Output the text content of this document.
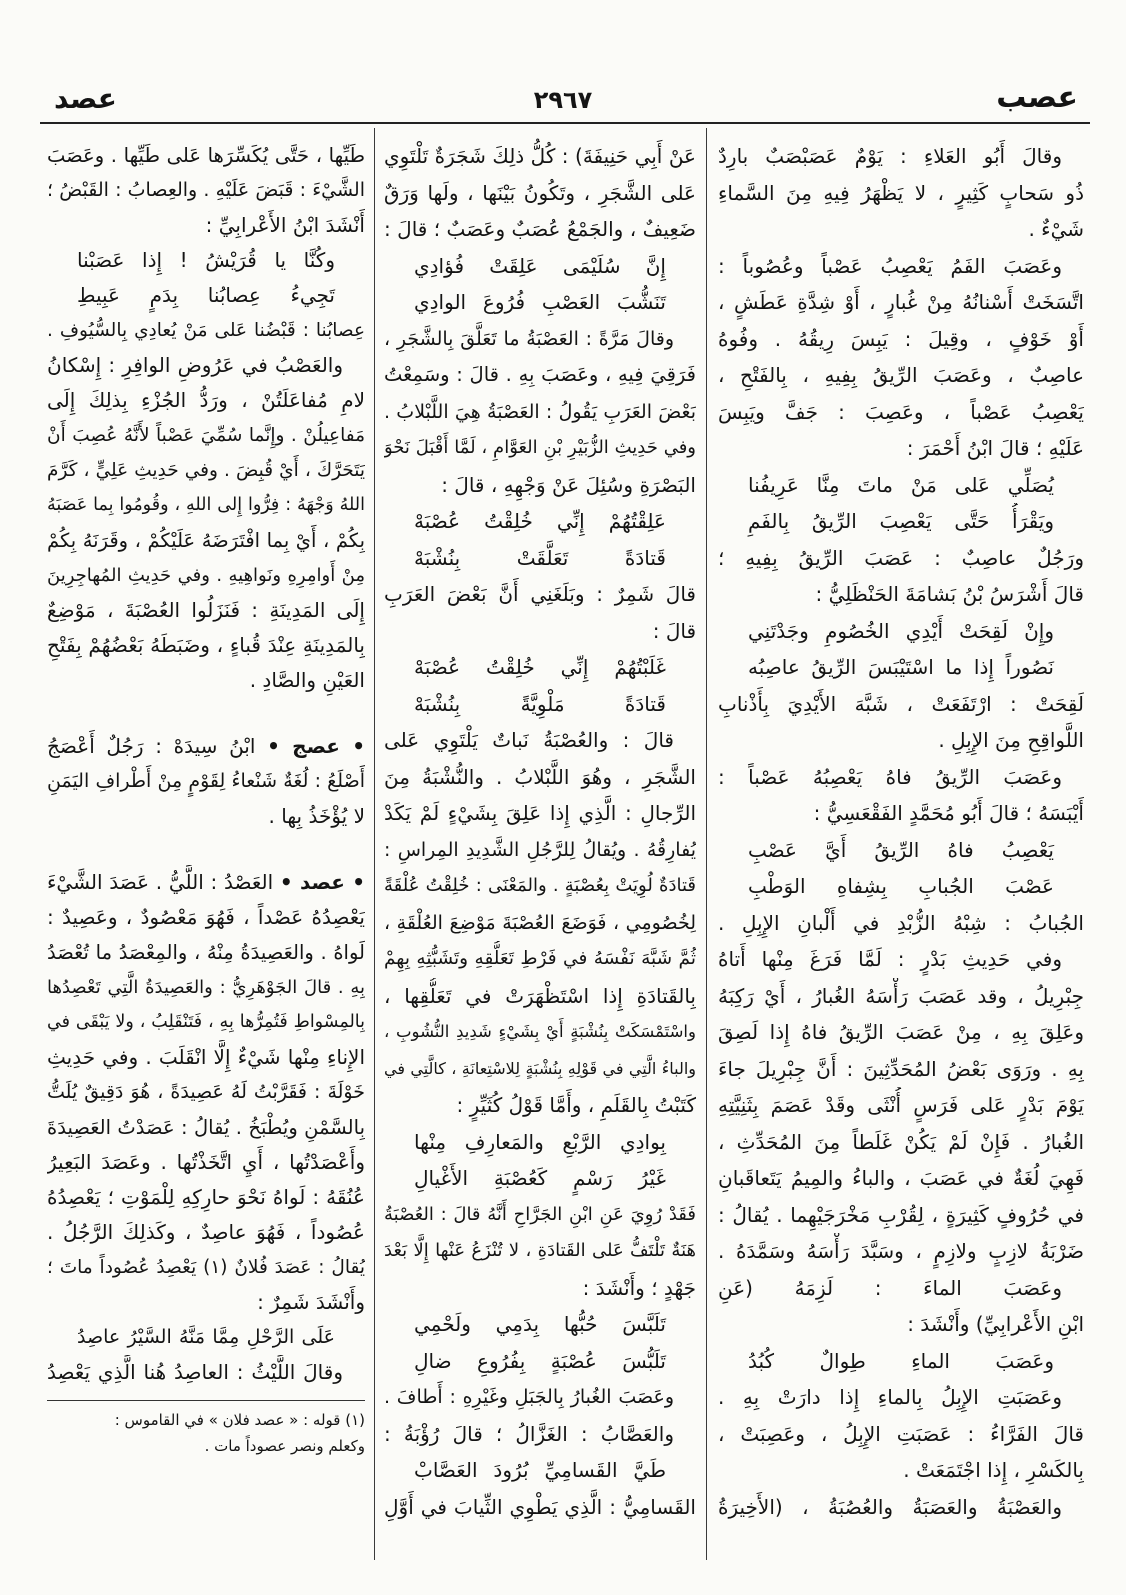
عصب
٢٩٦٧
عصد
وقالَ أَبُو العَلاءِ : يَوْمٌ عَصَبْصَبٌ بارِدٌ
ذُو سَحابٍ كَثِيرٍ ، لا يَظْهَرُ فِيهِ مِنَ السَّماءِ
شَيْءٌ .
وعَصَبَ الفَمُ يَعْصِبُ عَصْباً وعُصُوباً :
اتَّسَخَتْ أَسْنانُهُ مِنْ غُبارٍ ، أَوْ شِدَّةِ عَطَشٍ ،
أَوْ خَوْفٍ ، وقِيلَ : يَبِسَ رِيقُهُ . وفُوهُ
عاصِبٌ ، وعَصَبَ الرِّيقُ بِفِيهِ ، بِالفَتْحِ ،
يَعْصِبُ عَصْباً ، وعَصِبَ : جَفَّ ويَبِسَ
عَلَيْهِ ؛ قالَ ابْنُ أَحْمَرَ :
يُصَلِّي عَلى مَنْ ماتَ مِنَّا عَرِيفُنا
ويَقْرَأُ حَتَّى يَعْصِبَ الرِّيقُ بِالفَمِ
ورَجُلٌ عاصِبٌ : عَصَبَ الرِّيقُ بِفِيهِ ؛
قالَ أَشْرَسُ بْنُ بَشامَةَ الحَنْظَلِيُّ :
وإِنْ لَقِحَتْ أَيْدِي الخُصُومِ وجَدْتَنِي
نَصُوراً إِذا ما اسْتَيْبَسَ الرِّيقُ عاصِبُه
لَقِحَتْ : ارْتَفَعَتْ ، شَبَّهَ الأَيْدِيَ بِأَذْنابِ
اللَّواقِحِ مِنَ الإِبِلِ .
وعَصَبَ الرِّيقُ فاهُ يَعْصِبُهُ عَصْباً :
أَيْبَسَهُ ؛ قالَ أَبُو مُحَمَّدٍ الفَقْعَسِيُّ :
يَعْصِبُ فاهُ الرِّيقُ أَيَّ عَصْبِ
عَصْبَ الجُبابِ بِشِفاهِ الوَطْبِ
الجُبابُ : شِبْهُ الزُّبْدِ في أَلْبانِ الإِبِلِ .
وفي حَدِيثِ بَدْرٍ : لَمَّا فَرَغَ مِنْها أَتاهُ
جِبْرِيلُ ، وقد عَصَبَ رَأْسَهُ الغُبارُ ، أَيْ رَكِبَهُ
وعَلِقَ بِهِ ، مِنْ عَصَبَ الرِّيقُ فاهُ إِذا لَصِقَ
بِهِ . ورَوَى بَعْضُ المُحَدِّثِينَ : أَنَّ جِبْرِيلَ جاءَ
يَوْمَ بَدْرٍ عَلى فَرَسٍ أُنْثَى وقَدْ عَصَمَ بِثَنِيَّتِهِ
الغُبارُ . فَإِنْ لَمْ يَكُنْ غَلَطاً مِنَ المُحَدِّثِ ،
فَهِيَ لُغَةٌ في عَصَبَ ، والباءُ والمِيمُ يَتَعاقَبانِ
في حُرُوفٍ كَثِيرَةٍ ، لِقُرْبِ مَخْرَجَيْهِما . يُقالُ :
ضَرْبَةُ لازِبٍ ولازِمٍ ، وسَبَّدَ رَأْسَهُ وسَمَّدَهُ .
وعَصَبَ الماءَ : لَزِمَهُ (عَنِ
ابْنِ الأَعْرابِيِّ) وأَنْشَدَ :
وعَصَبَ الماءِ طِوالٌ كُبُدُ
وعَصَبَتِ الإِبِلُ بِالماءِ إِذا دارَتْ بِهِ .
قالَ الفَرَّاءُ : عَصَبَتِ الإِبِلُ ، وعَصِبَتْ ،
بِالكَسْرِ ، إِذا اجْتَمَعَتْ .
والعَصْبَةُ والعَصَبَةُ والعُصُبَةُ ، (الأَخِيرَةُ
عَنْ أَبِي حَنِيفَةَ) : كُلُّ ذلِكَ شَجَرَةٌ تَلْتَوِي
عَلى الشَّجَرِ ، وتَكُونُ بَيْنَها ، ولَها وَرَقٌ
ضَعِيفٌ ، والجَمْعُ عُصَبٌ وعَصَبٌ ؛ قالَ :
إِنَّ سُلَيْمَى عَلِقَتْ فُؤادِي
تَنَشُّبَ العَصْبِ فُرُوعَ الوادِي
وقالَ مَرَّةً : العَصْبَةُ ما تَعَلَّقَ بِالشَّجَرِ ،
فَرَقِيَ فِيهِ ، وعَصَبَ بِهِ . قالَ : وسَمِعْتُ
بَعْضَ العَرَبِ يَقُولُ : العَصْبَةُ هِيَ اللَّبْلابُ .
وفي حَدِيثِ الزُّبَيْرِ بْنِ العَوَّامِ ، لَمَّا أَقْبَلَ نَحْوَ
البَصْرَةِ وسُئِلَ عَنْ وَجْهِهِ ، قالَ :
عَلِقْتُهُمْ إِنِّي خُلِقْتُ عُصْبَهْ
قَتادَةً تَعَلَّقَتْ بِنُشْبَهْ
قالَ شَمِرٌ : وبَلَغَنِي أَنَّ بَعْضَ العَرَبِ
قالَ :
غَلَبْتُهُمْ إِنِّي خُلِقْتُ عُصْبَهْ
قَتادَةً مَلْوِيَّةً بِنُشْبَهْ
قالَ : والعُصْبَةُ نَباتٌ يَلْتَوِي عَلى
الشَّجَرِ ، وهُوَ اللَّبْلابُ . والنُّشْبَةُ مِنَ
الرِّجالِ : الَّذِي إِذا عَلِقَ بِشَيْءٍ لَمْ يَكَدْ
يُفارِقُهُ . ويُقالُ لِلرَّجُلِ الشَّدِيدِ المِراسِ :
قَتادَةٌ لُوِيَتْ بِعُصْبَةٍ . والمَعْنَى : خُلِقْتُ عُلْقَةً
لِخُصُومِي ، فَوَضَعَ العُصْبَةَ مَوْضِعَ العُلْقَةِ ،
ثُمَّ شَبَّهَ نَفْسَهُ في فَرْطِ تَعَلُّقِهِ وتَشَبُّثِهِ بِهِمْ
بِالقَتادَةِ إِذا اسْتَظْهَرَتْ في تَعَلُّقِها ،
واسْتَمْسَكَتْ بِنُشْبَةٍ أَيْ بِشَيْءٍ شَدِيدِ النُّشُوبِ ،
والباءُ الَّتِي في قَوْلِهِ بِنُشْبَةٍ لِلاسْتِعانَةِ ، كالَّتِي في
كَتَبْتُ بِالقَلَمِ ، وأَمَّا قَوْلُ كُثَيِّرٍ :
بِوادِي الرَّبْعِ والمَعارِفِ مِنْها
غَيْرُ رَسْمٍ كَعُصْبَةِ الأَغْيالِ
فَقَدْ رُوِيَ عَنِ ابْنِ الجَرَّاحِ أَنَّهُ قالَ : العُصْبَةُ
هَنَةٌ تَلْتَفُّ عَلى القَتادَةِ ، لا تُنْزَعُ عَنْها إِلَّا بَعْدَ
جَهْدٍ ؛ وأَنْشَدَ :
تَلَبَّسَ حُبُّها بِدَمِي ولَحْمِي
تَلَبُّسَ عُصْبَةٍ بِفُرُوعِ ضالِ
وعَصَبَ الغُبارُ بِالجَبَلِ وغَيْرِهِ : أَطافَ .
والعَصَّابُ : الغَزَّالُ ؛ قالَ رُؤْبَةُ :
طَيَّ القَسامِيِّ بُرُودَ العَصَّابْ
القَسامِيُّ : الَّذِي يَطْوِي الثِّيابَ في أَوَّلِ
طَيِّها ، حَتَّى يُكَسِّرَها عَلى طَيِّها . وعَصَبَ
الشَّيْءَ : قَبَضَ عَلَيْهِ . والعِصابُ : القَبْضُ ؛
أَنْشَدَ ابْنُ الأَعْرابِيِّ :
وكُنَّا يا قُرَيْشُ ! إِذا عَصَبْنا
تَجِيءُ عِصابُنا بِدَمٍ عَبِيطِ
عِصابُنا : قَبْضُنا عَلى مَنْ يُعادِي بِالسُّيُوفِ .
والعَصْبُ في عَرُوضِ الوافِرِ : إِسْكانُ
لامِ مُفاعَلَتُنْ ، ورَدُّ الجُزْءِ بِذلِكَ إِلَى
مَفاعِيلُنْ . وإِنَّما سُمِّيَ عَصْباً لأَنَّهُ عُصِبَ أَنْ
يَتَحَرَّكَ ، أَيْ قُبِضَ . وفي حَدِيثِ عَلِيٍّ ، كَرَّمَ
اللهُ وَجْهَهُ : فِرُّوا إِلى اللهِ ، وقُومُوا بِما عَصَبَهُ
بِكُمْ ، أَيْ بِما افْتَرَضَهُ عَلَيْكُمْ ، وقَرَنَهُ بِكُمْ
مِنْ أَوامِرِهِ ونَواهِيهِ . وفي حَدِيثِ المُهاجِرِينَ
إِلَى المَدِينَةِ : فَنَزَلُوا العُصْبَةَ ، مَوْضِعٌ
بِالمَدِينَةِ عِنْدَ قُباءٍ ، وضَبَطَهُ بَعْضُهُمْ بِفَتْحِ
العَيْنِ والصَّادِ .
• عصج • ابْنُ سِيدَهْ : رَجُلٌ أَعْصَجُ
أَصْلَعُ : لُغَةٌ شَنْعاءُ لِقَوْمٍ مِنْ أَطْرافِ اليَمَنِ
لا يُؤْخَذُ بِها .
• عصد • العَصْدُ : اللَّيُّ . عَصَدَ الشَّيْءَ
يَعْصِدُهُ عَصْداً ، فَهُوَ مَعْصُودٌ ، وعَصِيدٌ :
لَواهُ . والعَصِيدَةُ مِنْهُ ، والمِعْصَدُ ما تُعْصَدُ
بِهِ . قالَ الجَوْهَرِيُّ : والعَصِيدَةُ الَّتِي تَعْصِدُها
بِالمِسْواطِ فَتُمِرُّها بِهِ ، فَتَنْقَلِبُ ، ولا يَبْقَى في
الإِناءِ مِنْها شَيْءٌ إِلَّا انْقَلَبَ . وفي حَدِيثِ
خَوْلَةَ : فَقَرَّبْتُ لَهُ عَصِيدَةً ، هُوَ دَقِيقٌ يُلَتُّ
بِالسَّمْنِ ويُطْبَخُ . يُقالُ : عَصَدْتُ العَصِيدَةَ
وأَعْصَدْتُها ، أَيِ اتَّخَذْتُها . وعَصَدَ البَعِيرُ
عُنُقَهُ : لَواهُ نَحْوَ حارِكِهِ لِلْمَوْتِ ؛ يَعْصِدُهُ
عُصُوداً ، فَهُوَ عاصِدٌ ، وكَذلِكَ الرَّجُلُ .
يُقالُ : عَصَدَ فُلانٌ (١) يَعْصِدُ عُصُوداً ماتَ ؛
وأَنْشَدَ شَمِرٌ :
عَلَى الرَّحْلِ مِمَّا مَنَّهُ السَّيْرُ عاصِدُ
وقالَ اللَّيْثُ : العاصِدُ هُنا الَّذِي يَعْصِدُ
(١) قوله : « عصد فلان » في القاموس :
وكعلم ونصر عصوداً مات .
